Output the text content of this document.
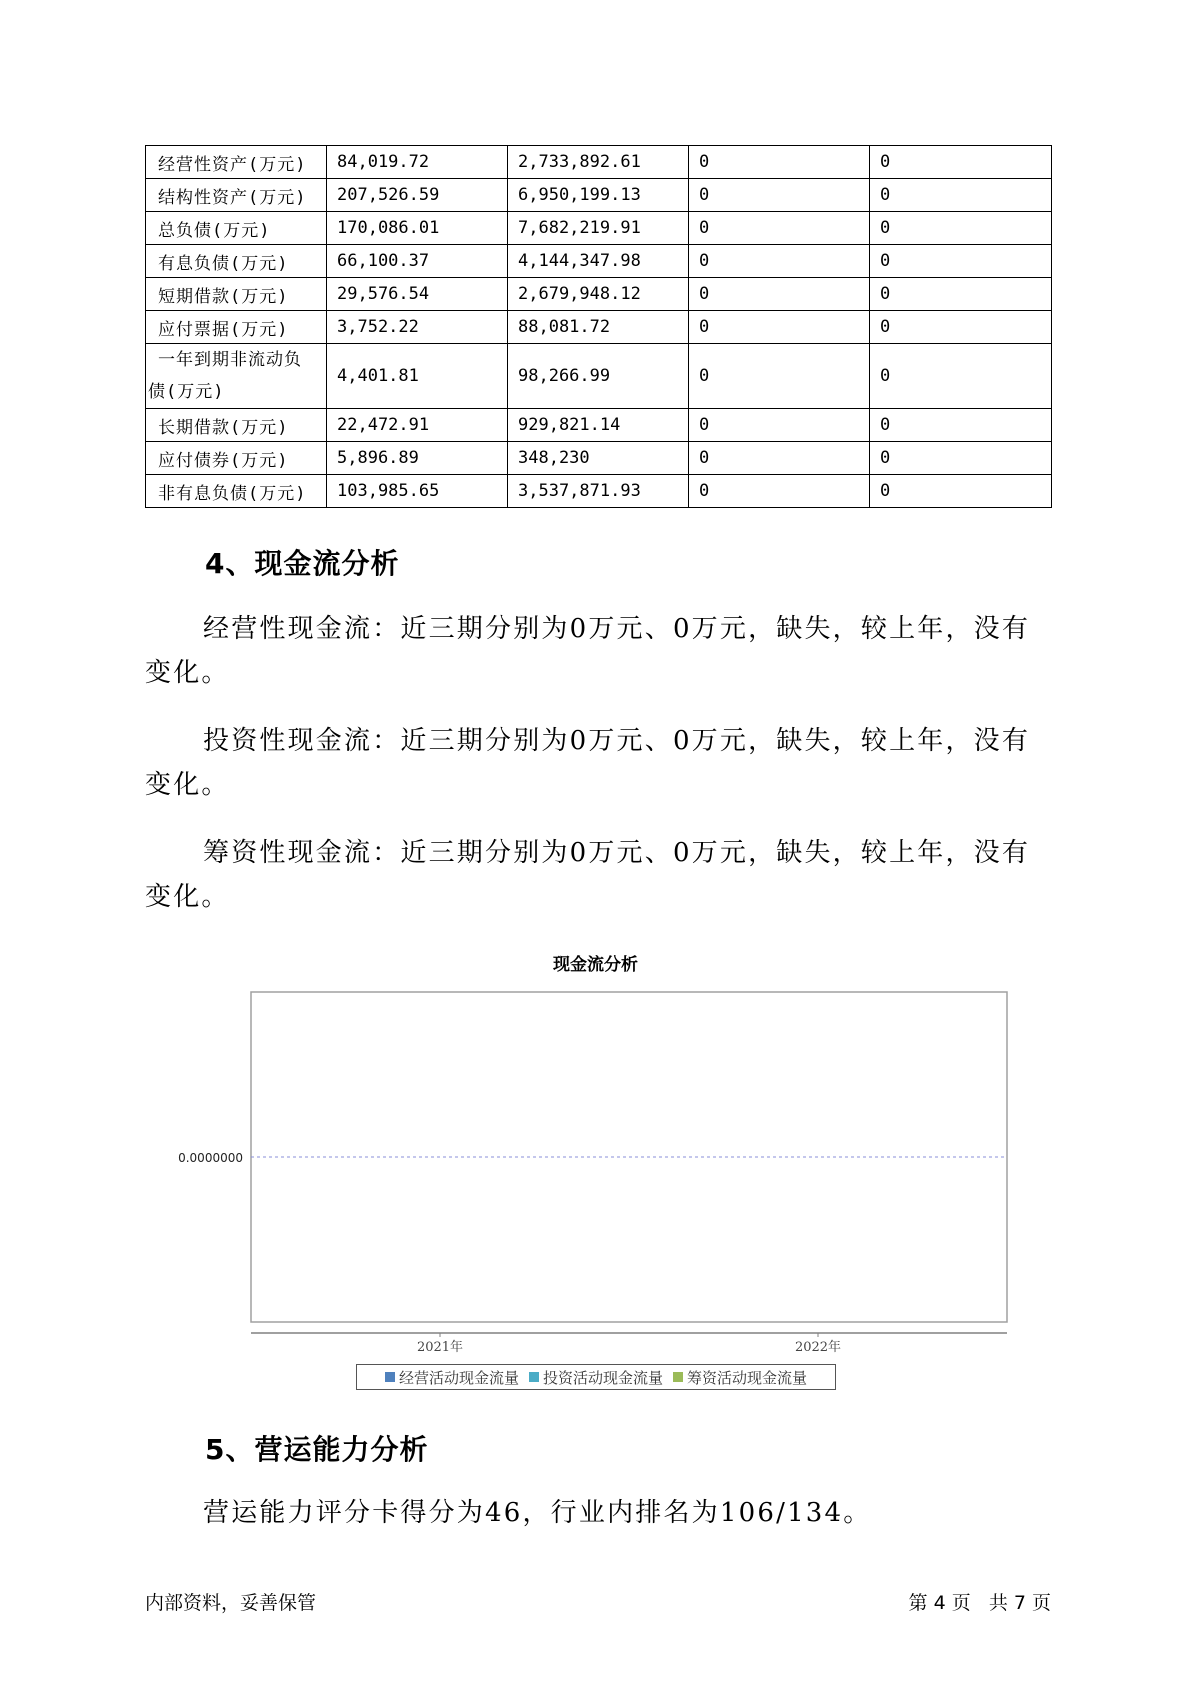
经营性资产(万元)	84,019.72	2,733,892.61	0	0
结构性资产(万元)	207,526.59	6,950,199.13	0	0
总负债(万元)	170,086.01	7,682,219.91	0	0
有息负债(万元)	66,100.37	4,144,347.98	0	0
短期借款(万元)	29,576.54	2,679,948.12	0	0
应付票据(万元)	3,752.22	88,081.72	0	0

一年到期非流动负
债(万元)	4,401.81	98,266.99	0	0
长期借款(万元)	22,472.91	929,821.14	0	0
应付债券(万元)	5,896.89	348,230	0	0
非有息负债(万元)	103,985.65	3,537,871.93	0	0
4、现金流分析

经营性现金流：近三期分别为0万元、0万元，缺失，较上年，没有变化。

投资性现金流：近三期分别为0万元、0万元，缺失，较上年，没有变化。

筹资性现金流：近三期分别为0万元、0万元，缺失，较上年，没有变化。

现金流分析

0.0000000
2021年	2022年
经营活动现金流量 投资活动现金流量 筹资活动现金流量
5、营运能力分析

营运能力评分卡得分为46，行业内排名为106/134。

内部资料，妥善保管	第 4 页   共 7 页
